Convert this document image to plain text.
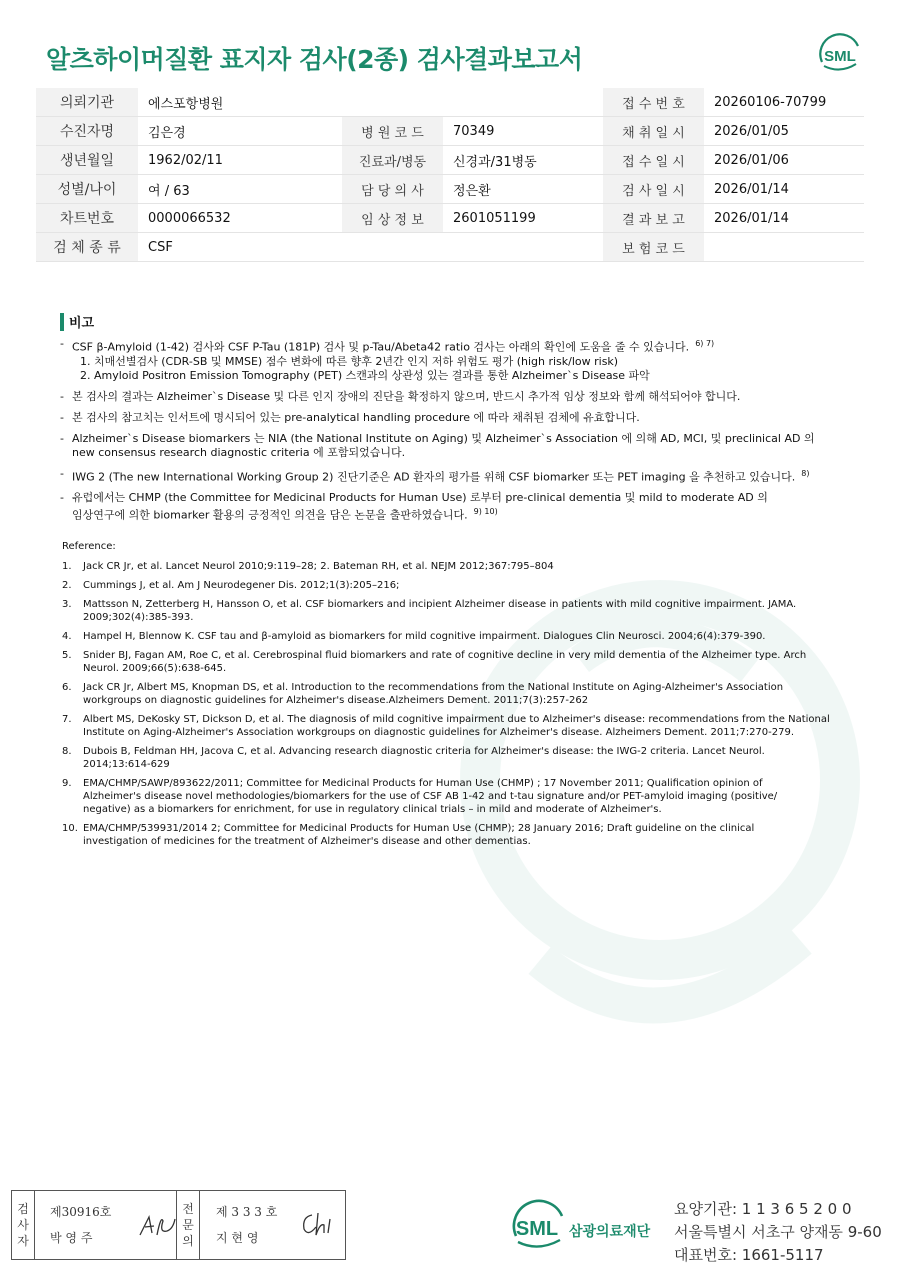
알츠하이머질환 표지자 검사(2종) 검사결과보고서	SML
의뢰기관	에스포항병원			접 수 번 호	20260106-70799
수진자명	김은경	병 원 코 드	70349	채 취 일 시	2026/01/05
생년월일	1962/02/11	진료과/병동	신경과/31병동	접 수 일 시	2026/01/06
성별/나이	여 / 63	담 당 의 사	정은환	검 사 일 시	2026/01/14
차트번호	0000066532	임 상 정 보	2601051199	결 과 보 고	2026/01/14
검 체 종 류	CSF			보 험 코 드	
비고
- CSF β-Amyloid (1-42) 검사와 CSF P-Tau (181P) 검사 및 p-Tau/Abeta42 ratio 검사는 아래의 확인에 도움을 줄 수 있습니다. $^{6) 7)}$
1. 치매선별검사 (CDR-SB 및 MMSE) 점수 변화에 따른 향후 2년간 인지 저하 위험도 평가 (high risk/low risk)
2. Amyloid Positron Emission Tomography (PET) 스캔과의 상관성 있는 결과를 통한 Alzheimer`s Disease 파악
- 본 검사의 결과는 Alzheimer`s Disease 및 다른 인지 장애의 진단을 확정하지 않으며, 반드시 추가적 임상 정보와 함께 해석되어야 합니다.
- 본 검사의 참고치는 인서트에 명시되어 있는 pre-analytical handling procedure 에 따라 채취된 검체에 유효합니다.
- Alzheimer`s Disease biomarkers 는 NIA (the National Institute on Aging) 및 Alzheimer`s Association 에 의해 AD, MCI, 및 preclinical AD 의
new consensus research diagnostic criteria 에 포함되었습니다.
- IWG 2 (The new International Working Group 2) 진단기준은 AD 환자의 평가를 위해 CSF biomarker 또는 PET imaging 을 추천하고 있습니다. $^{8)}$
- 유럽에서는 CHMP (the Committee for Medicinal Products for Human Use) 로부터 pre-clinical dementia 및 mild to moderate AD 의
임상연구에 의한 biomarker 활용의 긍정적인 의견을 담은 논문을 출판하였습니다. $^{9) 10)}$
Reference:
1.	Jack CR Jr, et al. Lancet Neurol 2010;9:119–28; 2. Bateman RH, et al. NEJM 2012;367:795–804
2.	Cummings J, et al. Am J Neurodegener Dis. 2012;1(3):205–216;
3.	Mattsson N, Zetterberg H, Hansson O, et al. CSF biomarkers and incipient Alzheimer disease in patients with mild cognitive impairment. JAMA.
2009;302(4):385-393.
4.	Hampel H, Blennow K. CSF tau and β-amyloid as biomarkers for mild cognitive impairment. Dialogues Clin Neurosci. 2004;6(4):379-390.
5.	Snider BJ, Fagan AM, Roe C, et al. Cerebrospinal fluid biomarkers and rate of cognitive decline in very mild dementia of the Alzheimer type. Arch
Neurol. 2009;66(5):638-645.
6.	Jack CR Jr, Albert MS, Knopman DS, et al. Introduction to the recommendations from the National Institute on Aging-Alzheimer's Association
workgroups on diagnostic guidelines for Alzheimer's disease.Alzheimers Dement. 2011;7(3):257-262
7.	Albert MS, DeKosky ST, Dickson D, et al. The diagnosis of mild cognitive impairment due to Alzheimer's disease: recommendations from the National
Institute on Aging-Alzheimer's Association workgroups on diagnostic guidelines for Alzheimer's disease. Alzheimers Dement. 2011;7:270-279.
8.	Dubois B, Feldman HH, Jacova C, et al. Advancing research diagnostic criteria for Alzheimer's disease: the IWG-2 criteria. Lancet Neurol.
2014;13:614-629
9.	EMA/CHMP/SAWP/893622/2011; Committee for Medicinal Products for Human Use (CHMP) ; 17 November 2011; Qualification opinion of
Alzheimer's disease novel methodologies/biomarkers for the use of CSF AB 1-42 and t-tau signature and/or PET-amyloid imaging (positive/
negative) as a biomarkers for enrichment, for use in regulatory clinical trials – in mild and moderate of Alzheimer's.
10. EMA/CHMP/539931/2014 2; Committee for Medicinal Products for Human Use (CHMP); 28 January 2016; Draft guideline on the clinical
investigation of medicines for the treatment of Alzheimer's disease and other dementias.
검
사
자
제30916호
박 영 주
전
문
의
제 3 3 3 호
지 현 영	SML 삼광의료재단
요양기관: 1 1 3 6 5 2 0 0
서울특별시 서초구 양재동 9-60
대표번호: 1661-5117
